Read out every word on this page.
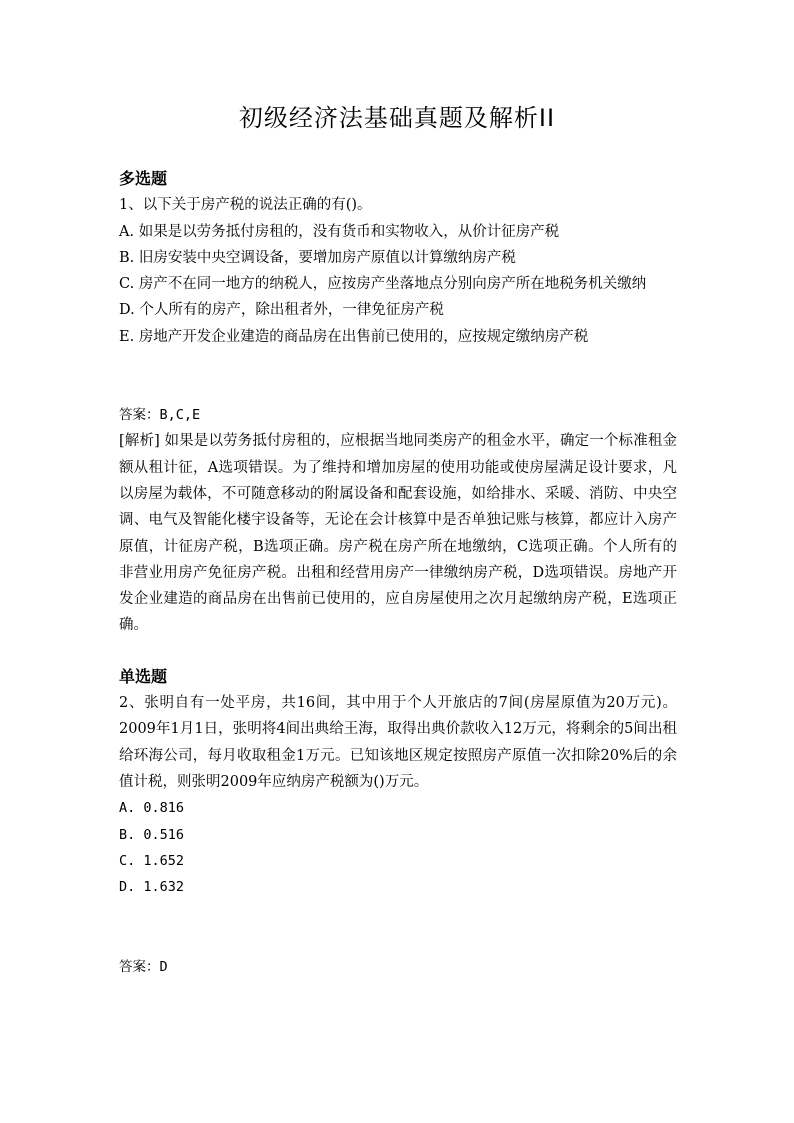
初级经济法基础真题及解析II

多选题

1、以下关于房产税的说法正确的有()。

A. 如果是以劳务抵付房租的，没有货币和实物收入，从价计征房产税

B. 旧房安装中央空调设备，要增加房产原值以计算缴纳房产税

C. 房产不在同一地方的纳税人，应按房产坐落地点分别向房产所在地税务机关缴纳

D. 个人所有的房产，除出租者外，一律免征房产税

E. 房地产开发企业建造的商品房在出售前已使用的，应按规定缴纳房产税

答案：B,C,E

[解析] 如果是以劳务抵付房租的，应根据当地同类房产的租金水平，确定一个标准租金额从租计征，A选项错误。为了维持和增加房屋的使用功能或使房屋满足设计要求，凡以房屋为载体，不可随意移动的附属设备和配套设施，如给排水、采暖、消防、中央空调、电气及智能化楼宇设备等，无论在会计核算中是否单独记账与核算，都应计入房产原值，计征房产税，B选项正确。房产税在房产所在地缴纳，C选项正确。个人所有的非营业用房产免征房产税。出租和经营用房产一律缴纳房产税，D选项错误。房地产开发企业建造的商品房在出售前已使用的，应自房屋使用之次月起缴纳房产税，E选项正确。

单选题

2、张明自有一处平房，共16间，其中用于个人开旅店的7间(房屋原值为20万元)。2009年1月1日，张明将4间出典给王海，取得出典价款收入12万元，将剩余的5间出租给环海公司，每月收取租金1万元。已知该地区规定按照房产原值一次扣除20%后的余值计税，则张明2009年应纳房产税额为()万元。

A. 0.816

B. 0.516

C. 1.652

D. 1.632

答案：D
